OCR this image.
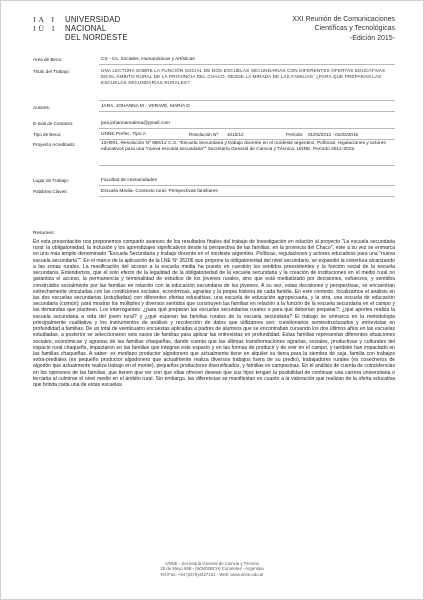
IA I
IÜ I
UNIVERSIDAD
NACIONAL
DEL NORDESTE
XXI Reunión de Comunicaciones
Científicas y Tecnológicas
-Edición 2015-
Area de Beca:	CS - Cs. Sociales, Humanísticas y Artísticas
Título del Trabajo:	UNA LECTURA SOBRE LA FUNCIÓN SOCIAL DE DOS ESCUELAS SECUNDARIAS CON DIFERENTES OFERTAS EDUCATIVAS EN EL ÁMBITO RURAL DE LA PROVINCIA DEL CHACO, DESDE LA MIRADA DE LAS FAMILIAS: ¿PARA QUÉ PREPARAN LAS ESCUELAS SECUNDARIAS RURALES?
Autores:	JARA, JOHANNA M - VERAVÉ, MARÍA D.
E-mail de Contacto:	jara.johannamalena@gmail.com
Tipo de Beca:	UNNE Perfec. Tipo A	Resolución Nº: 1015/12	Período: 01/03/2013 - 01/03/2015
Proyecto Acreditado:	12H001, Resolución Nº 960/12 C.S. "Escuela Secundaria y trabajo docente en el nordeste argentino. Políticas, regulaciones y actores educativos para una "nueva escuela secundaria"" Secretaría General de Ciencia y Técnica. UNNE. Período 2012-2015.
Lugar de Trabajo:	Facultad de Humanidades
Palabras Claves:	Escuela Media- Contexto rural- Perspectivas familiares
Resumen:
En esta presentación nos proponemos compartir avances de los resultados finales del trabajo de Investigación en relación al proyecto "La escuela secundaria rural: la obligatoriedad, la inclusión y los aprendizajes significativos desde la perspectiva de las familias, en la provincia del Chaco", este a su vez se enmarca en uno más amplio denominado "Escuela Secundaria y trabajo docente en el nordeste argentino. Políticas, regulaciones y actores educativos para una "nueva escuela secundaria"". En el marco de la aplicación de la LNE Nº 26206 que propone la obligatoriedad del nivel secundario, se expandió la cobertura alcanzando a las zonas rurales. La masificación del acceso a la escuela media ha puesto en cuestión los sentidos preexistentes y la función social de la escuela secundaria. Entendemos, que el solo efecto de la legalidad de la obligatoriedad de la escuela secundaria y la creación de instituciones en el medio rural no garantiza el acceso, la permanencia y terminalidad de estudios de los jóvenes rurales, sino que está mediatizado por decisiones, esfuerzos, y sentidos construidos socialmente por las familias en relación con la educación secundaria de los jóvenes. A su vez, estas decisiones y perspectivas, se encuentran estrechamente vinculadas con las condiciones sociales, económicas, agrarias y la propia historia de cada familia. En este contexto, focalizamos el análisis en las dos escuelas secundarias (estudiadas) con diferentes ofertas educativas, una escuela de educación agropecuaria, y la otra, una escuela de educación secundaria (común); para mostrar los múltiples y diversos sentidos que construyen las familias en relación a la función de la escuela secundaria en el campo y las demandas que plantean. Los interrogantes: ¿para qué preparan las escuelas secundarias rurales o para qué deberían preparar?; ¿qué aportes realiza la escuela secundaria a vida del joven rural? y ¿qué esperan las familias rurales de la escuela secundaria? El trabajo se enmarca en la metodología principalmente cualitativa y los instrumentos de análisis y recolección de datos que utilizamos son: cuestionarios semiestructurados y entrevistas en profundidad a familias. De un total de veinticuatro encuestas aplicadas a padres de alumnos que se encontraban cursando los dos últimos años en las escuelas estudiadas, a posterior se seleccionaron seis casos de familias para aplicar las entrevistas en profundidad. Estas familias representan diferentes situaciones sociales, económicas y agrarias de las familias chaqueñas, dando cuenta que las últimas transformaciones agrarias, sociales, productivas y culturales del espacio rural chaqueño, impactaron en las familias que integran este espacio y en las formas de producir y de vivir en el campo, y también han impactado en las familias chaqueñas. A saber: ex mediano productor algodonero que actualmente tiene en alquiler su tierra para la siembra de soja, familia con trabajos extra-prediales (ex pequeño productor algodonero que actualmente realiza diversos trabajos fuera de su predio), trabajadores rurales (ex cosecheros de algodón que actualmente realiza trabajo en el monte), pequeños productores diversificados, y familias ex campesinas. En el análisis de cuenta de coincidencias en los opiniones de las familias, que tienen que ver con que ellas ofrecen desean que sus hijos tengan la posibilidad de continuar una carrera universitaria o terciaria al culminar el nivel medio en el ámbito rural. Sin embargo, las diferencias se manifiestan en cuanto a la valoración que realizan de la oferta educativa que brinda cada una de estas escuelas.
UNNE - Secretaría General de Ciencia y Técnica
25 de Mayo 868 - (W3400BCH) Corrientes - Argentina
Tel./Fax: +54 (0379)4427181 - Web: www.unne.edu.ar
